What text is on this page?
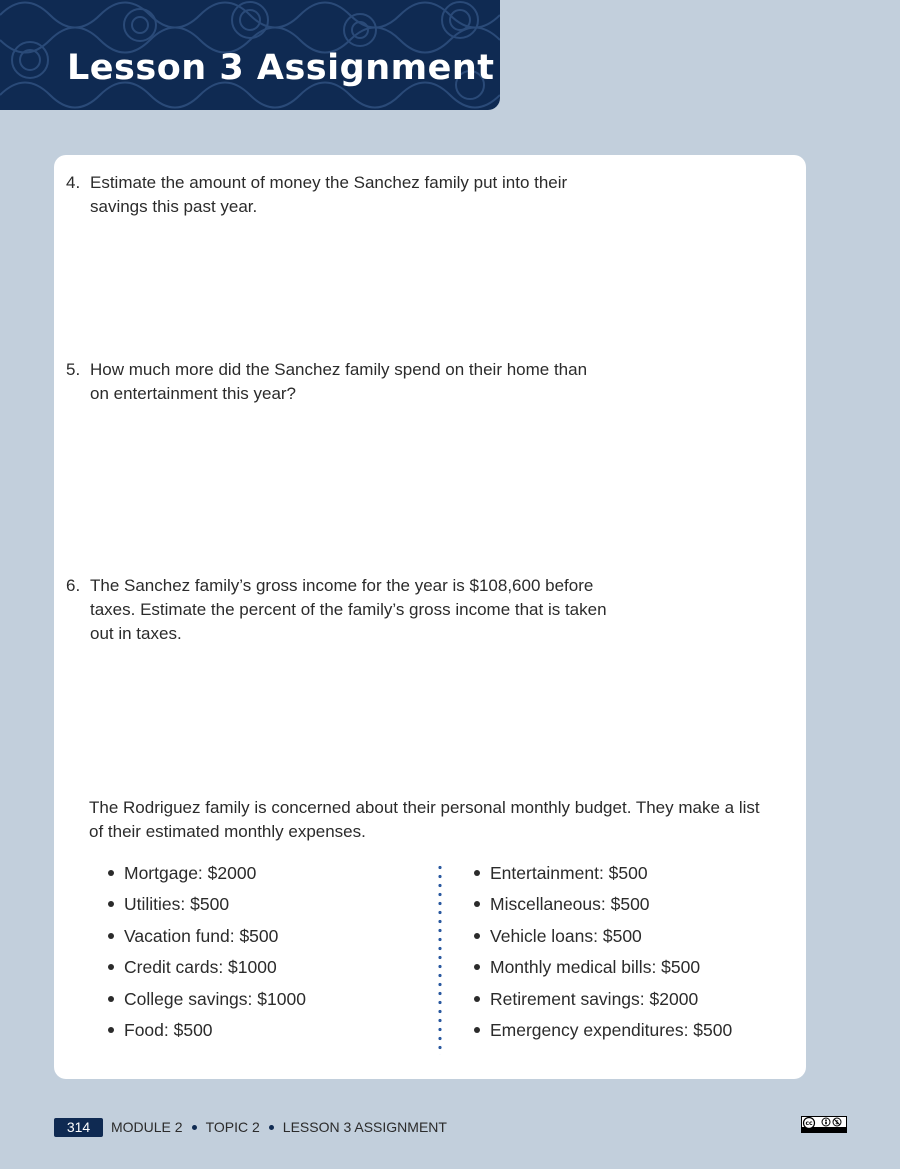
Lesson 3 Assignment
4. Estimate the amount of money the Sanchez family put into their
savings this past year.
5. How much more did the Sanchez family spend on their home than
on entertainment this year?
6. The Sanchez family’s gross income for the year is $108,600 before
taxes. Estimate the percent of the family’s gross income that is taken
out in taxes.
The Rodriguez family is concerned about their personal monthly budget. They make a list
of their estimated monthly expenses.
Mortgage: $2000
Utilities: $500
Vacation fund: $500
Credit cards: $1000
College savings: $1000
Food: $500
Entertainment: $500
Miscellaneous: $500
Vehicle loans: $500
Monthly medical bills: $500
Retirement savings: $2000
Emergency expenditures: $500
314	MODULE 2 TOPIC 2 LESSON 3 ASSIGNMENT	cc	$
